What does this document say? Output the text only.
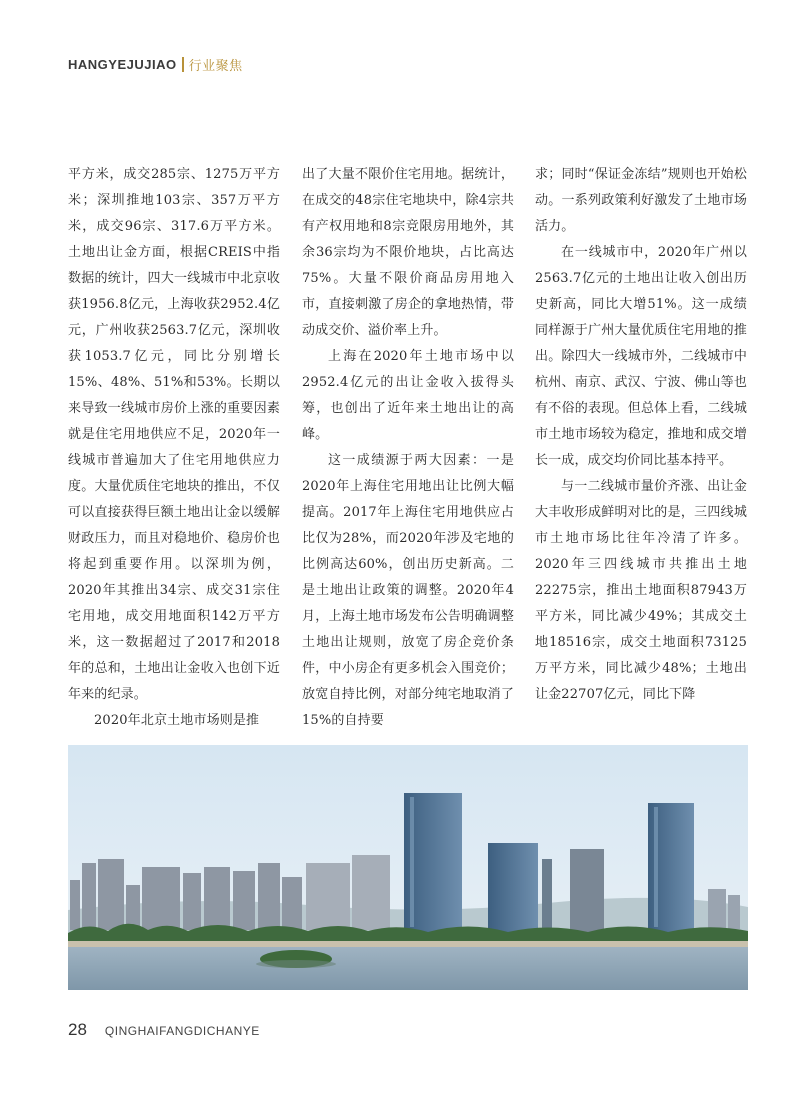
HANGYEJUJIAO 行业聚焦

平方米，成交285宗、1275万平方米；深圳推地103宗、357万平方米，成交96宗、317.6万平方米。土地出让金方面，根据CREIS中指数据的统计，四大一线城市中北京收获1956.8亿元，上海收获2952.4亿元，广州收获2563.7亿元，深圳收获1053.7亿元，同比分别增长15%、48%、51%和53%。长期以来导致一线城市房价上涨的重要因素就是住宅用地供应不足，2020年一线城市普遍加大了住宅用地供应力度。大量优质住宅地块的推出，不仅可以直接获得巨额土地出让金以缓解财政压力，而且对稳地价、稳房价也将起到重要作用。以深圳为例，2020年其推出34宗、成交31宗住宅用地，成交用地面积142万平方米，这一数据超过了2017和2018年的总和，土地出让金收入也创下近年来的纪录。

2020年北京土地市场则是推

出了大量不限价住宅用地。据统计，在成交的48宗住宅地块中，除4宗共有产权用地和8宗竞限房用地外，其余36宗均为不限价地块，占比高达75%。大量不限价商品房用地入市，直接刺激了房企的拿地热情，带动成交价、溢价率上升。

上海在2020年土地市场中以2952.4亿元的出让金收入拔得头筹，也创出了近年来土地出让的高峰。

这一成绩源于两大因素：一是2020年上海住宅用地出让比例大幅提高。2017年上海住宅用地供应占比仅为28%，而2020年涉及宅地的比例高达60%，创出历史新高。二是土地出让政策的调整。2020年4月，上海土地市场发布公告明确调整土地出让规则，放宽了房企竞价条件，中小房企有更多机会入围竞价；放宽自持比例，对部分纯宅地取消了15%的自持要

求；同时“保证金冻结”规则也开始松动。一系列政策利好激发了土地市场活力。

在一线城市中，2020年广州以2563.7亿元的土地出让收入创出历史新高，同比大增51%。这一成绩同样源于广州大量优质住宅用地的推出。除四大一线城市外，二线城市中杭州、南京、武汉、宁波、佛山等也有不俗的表现。但总体上看，二线城市土地市场较为稳定，推地和成交增长一成，成交均价同比基本持平。

与一二线城市量价齐涨、出让金大丰收形成鲜明对比的是，三四线城市土地市场比往年冷清了许多。2020年三四线城市共推出土地22275宗，推出土地面积87943万平方米，同比减少49%；其成交土地18516宗，成交土地面积73125万平方米，同比减少48%；土地出让金22707亿元，同比下降

28 QINGHAIFANGDICHANYE
